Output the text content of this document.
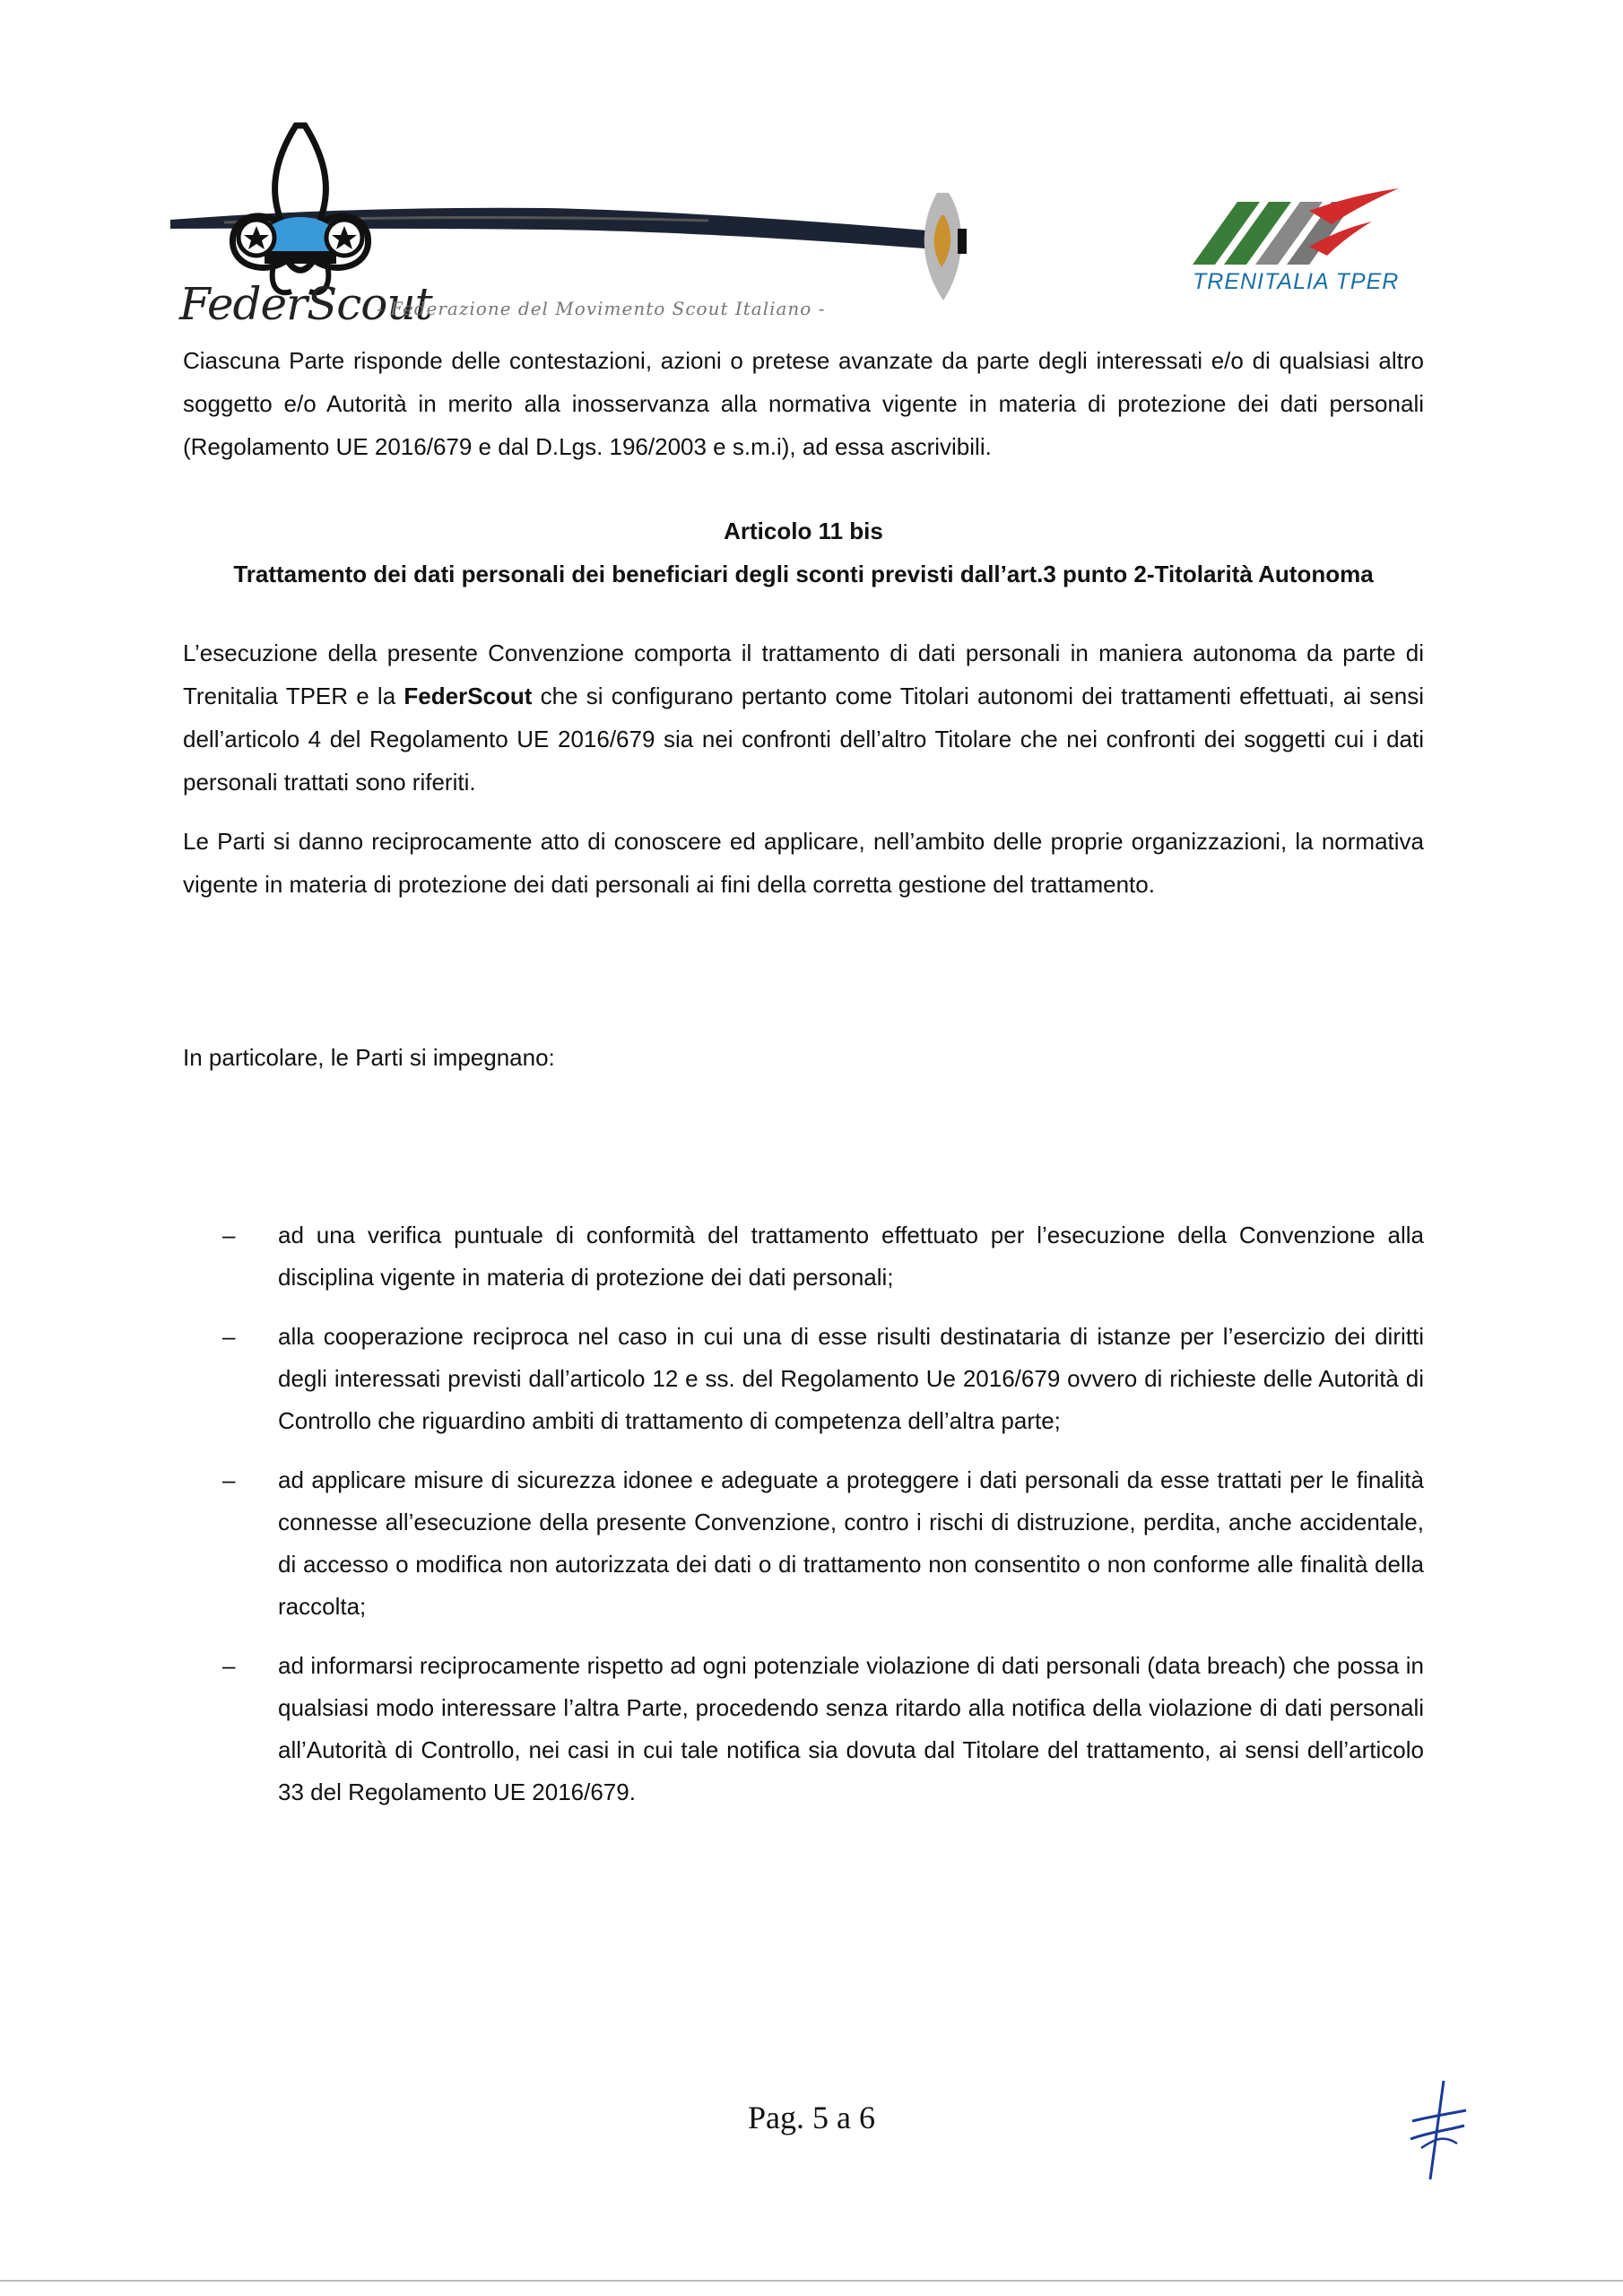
FederScout
- Federazione del Movimento Scout Italiano -
TRENITALIA TPER
Ciascuna Parte risponde delle contestazioni, azioni o pretese avanzate da parte degli interessati e/o di qualsiasi altro soggetto e/o Autorità in merito alla inosservanza alla normativa vigente in materia di protezione dei dati personali (Regolamento UE 2016/679 e dal D.Lgs. 196/2003 e s.m.i), ad essa ascrivibili.
Articolo 11 bis
Trattamento dei dati personali dei beneficiari degli sconti previsti dall’art.3 punto 2-Titolarità Autonoma
L’esecuzione della presente Convenzione comporta il trattamento di dati personali in maniera autonoma da parte di Trenitalia TPER e la FederScout che si configurano pertanto come Titolari autonomi dei trattamenti effettuati, ai sensi dell’articolo 4 del Regolamento UE 2016/679 sia nei confronti dell’altro Titolare che nei confronti dei soggetti cui i dati personali trattati sono riferiti.
Le Parti si danno reciprocamente atto di conoscere ed applicare, nell’ambito delle proprie organizzazioni, la normativa vigente in materia di protezione dei dati personali ai fini della corretta gestione del trattamento.
In particolare, le Parti si impegnano:
– ad una verifica puntuale di conformità del trattamento effettuato per l’esecuzione della Convenzione alla disciplina vigente in materia di protezione dei dati personali;
– alla cooperazione reciproca nel caso in cui una di esse risulti destinataria di istanze per l’esercizio dei diritti degli interessati previsti dall’articolo 12 e ss. del Regolamento Ue 2016/679 ovvero di richieste delle Autorità di Controllo che riguardino ambiti di trattamento di competenza dell’altra parte;
– ad applicare misure di sicurezza idonee e adeguate a proteggere i dati personali da esse trattati per le finalità connesse all’esecuzione della presente Convenzione, contro i rischi di distruzione, perdita, anche accidentale, di accesso o modifica non autorizzata dei dati o di trattamento non consentito o non conforme alle finalità della raccolta;
– ad informarsi reciprocamente rispetto ad ogni potenziale violazione di dati personali (data breach) che possa in qualsiasi modo interessare l’altra Parte, procedendo senza ritardo alla notifica della violazione di dati personali all’Autorità di Controllo, nei casi in cui tale notifica sia dovuta dal Titolare del trattamento, ai sensi dell’articolo 33 del Regolamento UE 2016/679.
Pag. 5 a 6
